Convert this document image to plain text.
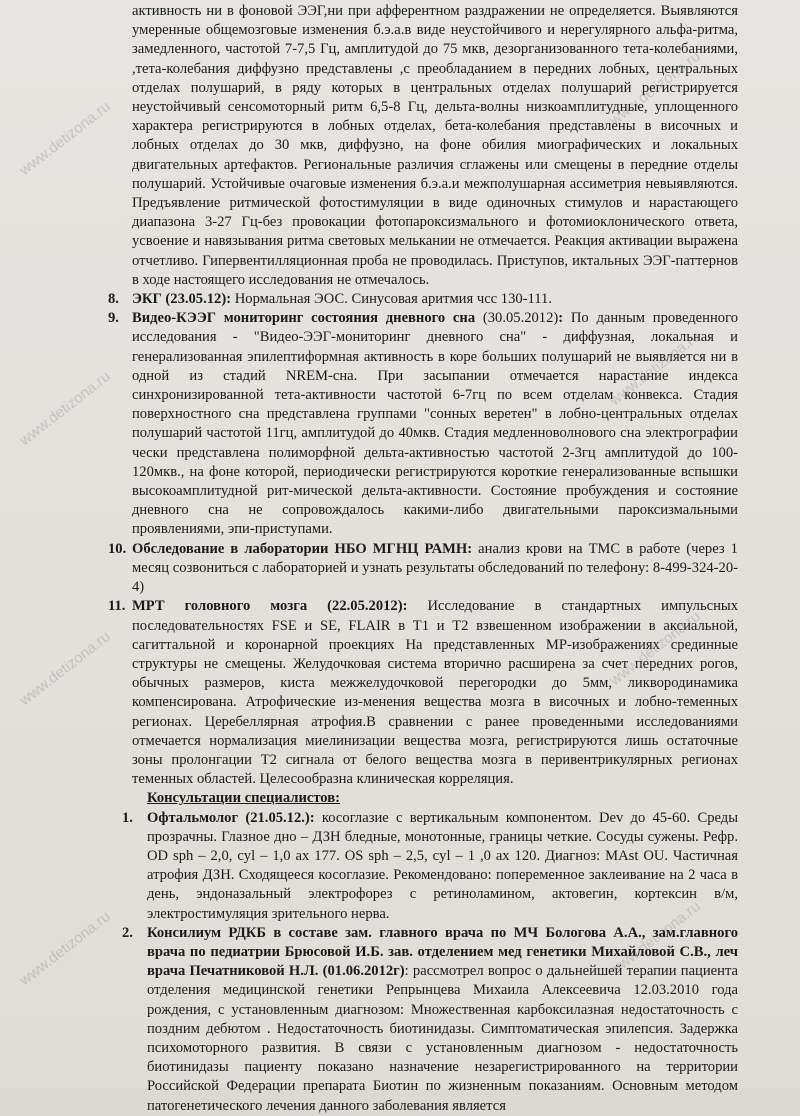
активность ни в фоновой ЭЭГ,ни при афферентном раздражении не определяется. Выявляются умеренные общемозговые изменения б.э.а.в виде неустойчивого и нерегулярного альфа-ритма, замедленного, частотой 7-7,5 Гц, амплитудой до 75 мкв, дезорганизованного тета-колебаниями, ,тета-колебания диффузно представлены ,с преобладанием в передних лобных, центральных отделах полушарий, в ряду которых в центральных отделах полушарий регистрируется неустойчивый сенсомоторный ритм 6,5-8 Гц, дельта-волны низкоамплитудные, уплощенного характера регистрируются в лобных отделах, бета-колебания представлены в височных и лобных отделах до 30 мкв, диффузно, на фоне обилия миографических и локальных двигательных артефактов. Региональные различия сглажены или смещены в передние отделы полушарий. Устойчивые очаговые изменения б.э.а.и межполушарная ассиметрия невыявляются. Предъявление ритмической фотостимуляции в виде одиночных стимулов и нарастающего диапазона 3-27 Гц-без провокации фотопароксизмального и фотомиоклонического ответа, усвоение и навязывания ритма световых мелькании не отмечается. Реакция активации выражена отчетливо. Гипервентилляционная проба не проводилась. Приступов, иктальных ЭЭГ-паттернов в ходе настоящего исследования не отмечалось.

8. ЭКГ (23.05.12): Нормальная ЭОС. Синусовая аритмия чсс 130-111.

9. Видео-КЭЭГ мониторинг состояния дневного сна (30.05.2012): По данным проведенного исследования - "Видео-ЭЭГ-мониторинг дневного сна" - диффузная, локальная и генерализованная эпилептиформная активность в коре больших полушарий не выявляется ни в одной из стадий NREM-сна. При засыпании отмечается нарастание индекса синхронизированной тета-активности частотой 6-7гц по всем отделам конвекса. Стадия поверхностного сна представлена группами "сонных веретен" в лобно-центральных отделах полушарий частотой 11гц, амплитудой до 40мкв. Стадия медленноволнового сна электрографии чески представлена полиморфной дельта-активностью частотой 2-3гц амплитудой до 100-120мкв., на фоне которой, периодически регистрируются короткие генерализованные вспышки высокоамплитудной рит-мической дельта-активности. Состояние пробуждения и состояние дневного сна не сопровождалось какими-либо двигательными пароксизмальными проявлениями, эпи-приступами.

10. Обследование в лаборатории НБО МГНЦ РАМН: анализ крови на ТМС в работе (через 1 месяц созвониться с лабораторией и узнать результаты обследований по телефону: 8-499-324-20-4)

11. МРТ головного мозга (22.05.2012): Исследование в стандартных импульсных последовательностях FSE и SE, FLAIR в Т1 и Т2 взвешенном изображении в аксиальной, сагиттальной и коронарной проекциях На представленных МР-изображениях срединные структуры не смещены. Желудочковая система вторично расширена за счет передних рогов, обычных размеров, киста межжелудочковой перегородки до 5мм, ликвородинамика компенсирована. Атрофические из-менения вещества мозга в височных и лобно-теменных регионах. Церебеллярная атрофия.В сравнении с ранее проведенными исследованиями отмечается нормализация миелинизации вещества мозга, регистрируются лишь остаточные зоны пролонгации Т2 сигнала от белого вещества мозга в перивентрикулярных регионах теменных областей. Целесообразна клиническая корреляция.

Консультации специалистов:
1. Офтальмолог (21.05.12.): косоглазие с вертикальным компонентом. Dev до 45-60. Среды прозрачны. Глазное дно – ДЗН бледные, монотонные, границы четкие. Сосуды сужены. Рефр. OD sph – 2,0, cyl – 1,0 ax 177. OS sph – 2,5, cyl – 1 ,0 ax 120. Диагноз: MAst OU. Частичная атрофия ДЗН. Сходящееся косоглазие. Рекомендовано: попеременное заклеивание на 2 часа в день, эндоназальный электрофорез с ретиноламином, актовегин, кортексин в/м, электростимуляция зрительного нерва.

2. Консилиум РДКБ в составе зам. главного врача по МЧ Бологова А.А., зам.главного врача по педиатрии Брюсовой И.Б. зав. отделением мед генетики Михайловой С.В., леч врача Печатниковой Н.Л. (01.06.2012г): рассмотрел вопрос о дальнейшей терапии пациента отделения медицинской генетики Репрынцева Михаила Алексеевича 12.03.2010 года рождения, с установленным диагнозом: Множественная карбоксилазная недостаточность с поздним дебютом . Недостаточность биотинидазы. Симптоматическая эпилепсия. Задержка психомоторного развития. В связи с установленным диагнозом - недостаточность биотинидазы пациенту показано назначение незарегистрированного на территории Российской Федерации препарата Биотин по жизненным показаниям. Основным методом патогенетического лечения данного заболевания является

www.detizona.ru
www.detizona.ru
www.detizona.ru	www.detizona.ru
www.detizona.ru	www.detizona.ru
www.detizona.ru	www.detizona.ru
